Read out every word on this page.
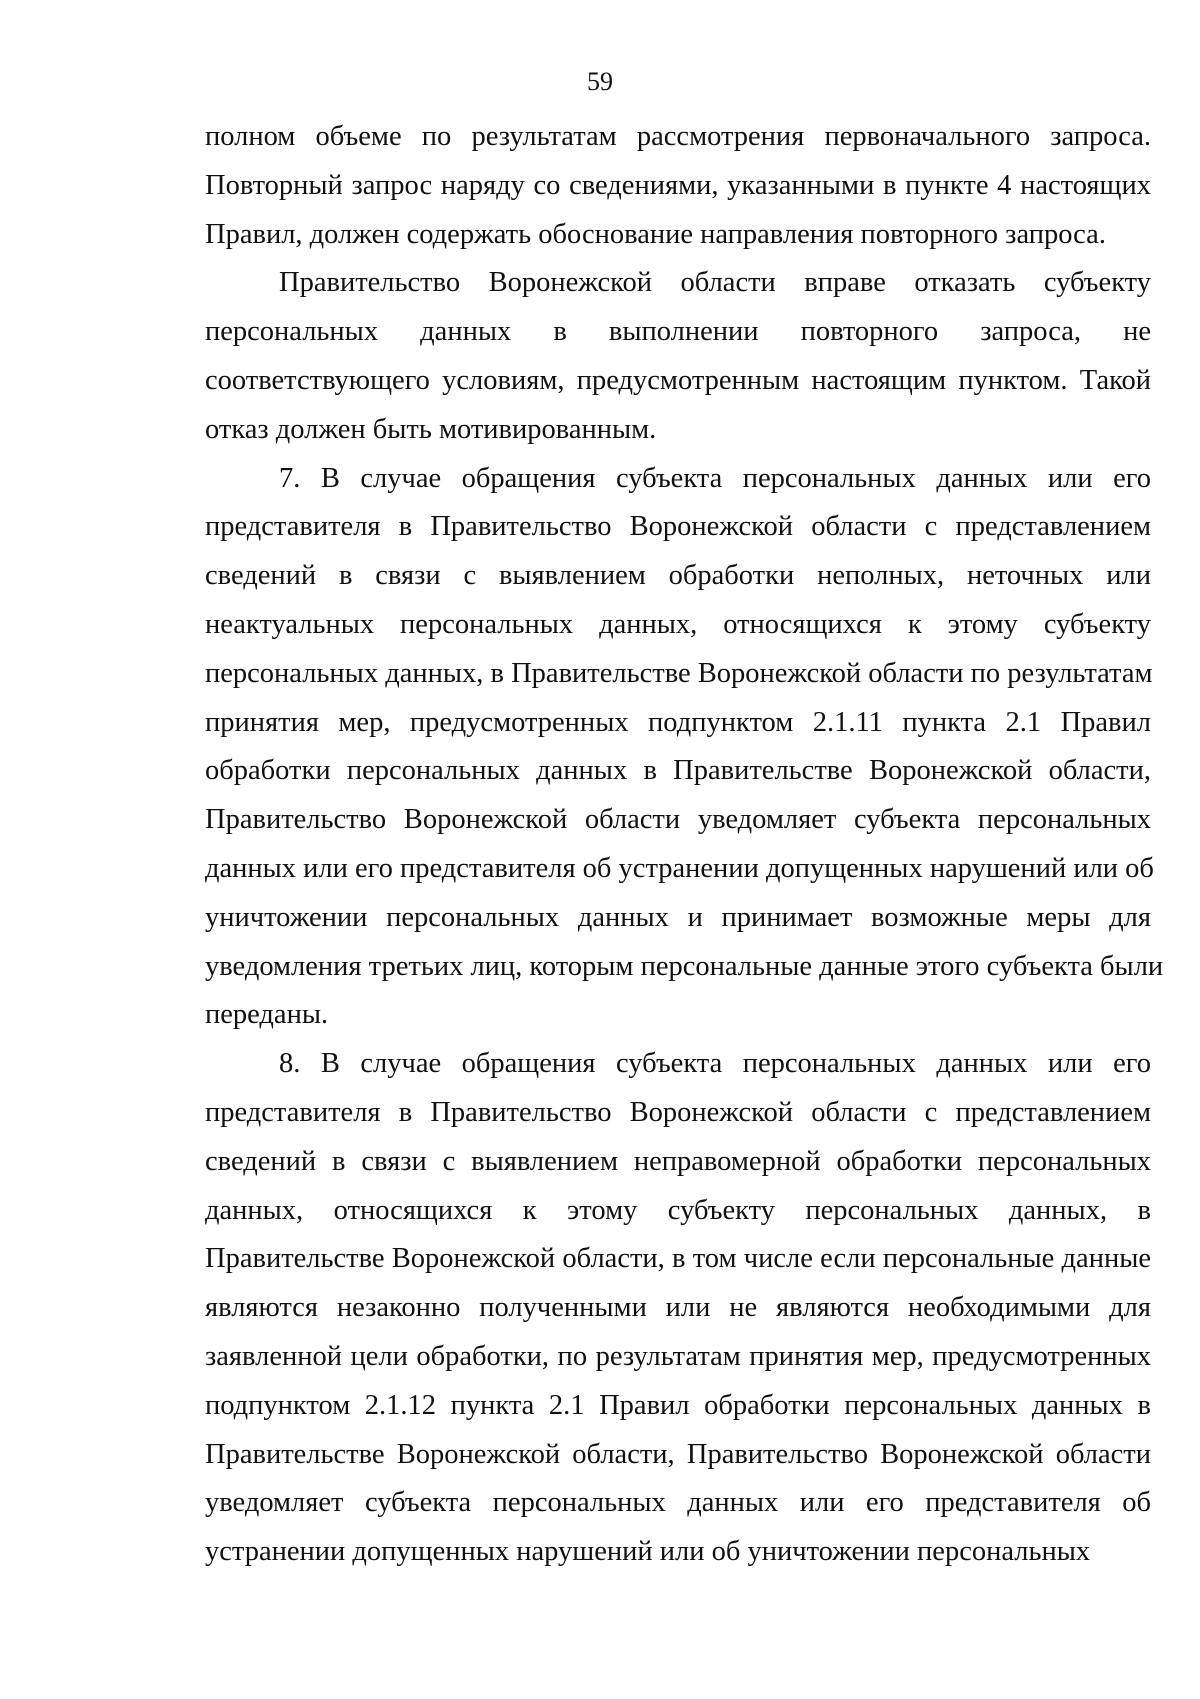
59
полном объеме по результатам рассмотрения первоначального запроса.
Повторный запрос наряду со сведениями, указанными в пункте 4 настоящих
Правил, должен содержать обоснование направления повторного запроса.
Правительство Воронежской области вправе отказать субъекту
персональных данных в выполнении повторного запроса, не
соответствующего условиям, предусмотренным настоящим пунктом. Такой
отказ должен быть мотивированным.
7. В случае обращения субъекта персональных данных или его
представителя в Правительство Воронежской области с представлением
сведений в связи с выявлением обработки неполных, неточных или
неактуальных персональных данных, относящихся к этому субъекту
персональных данных, в Правительстве Воронежской области по результатам
принятия мер, предусмотренных подпунктом 2.1.11 пункта 2.1 Правил
обработки персональных данных в Правительстве Воронежской области,
Правительство Воронежской области уведомляет субъекта персональных
данных или его представителя об устранении допущенных нарушений или об
уничтожении персональных данных и принимает возможные меры для
уведомления третьих лиц, которым персональные данные этого субъекта были
переданы.
8. В случае обращения субъекта персональных данных или его
представителя в Правительство Воронежской области с представлением
сведений в связи с выявлением неправомерной обработки персональных
данных, относящихся к этому субъекту персональных данных, в
Правительстве Воронежской области, в том числе если персональные данные
являются незаконно полученными или не являются необходимыми для
заявленной цели обработки, по результатам принятия мер, предусмотренных
подпунктом 2.1.12 пункта 2.1 Правил обработки персональных данных в
Правительстве Воронежской области, Правительство Воронежской области
уведомляет субъекта персональных данных или его представителя об
устранении допущенных нарушений или об уничтожении персональных
